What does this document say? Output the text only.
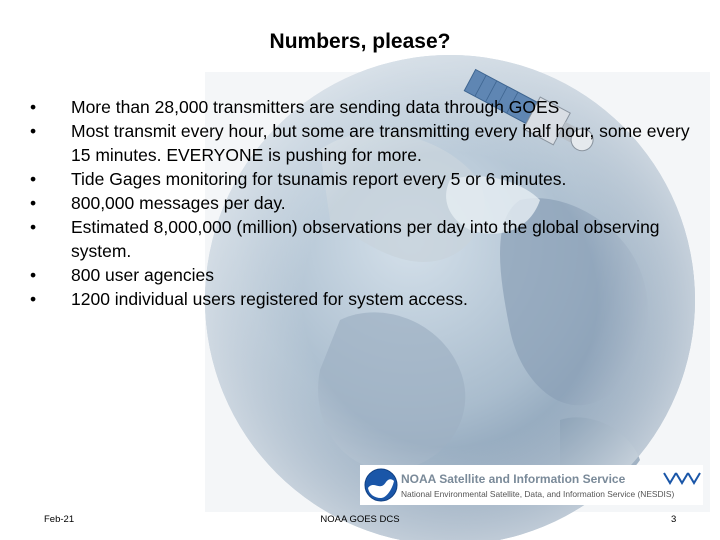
Numbers, please?
•	More than 28,000 transmitters are sending data through GOES
•	Most transmit every hour, but some are transmitting every half hour, some every 15 minutes. EVERYONE is pushing for more.
•	Tide Gages monitoring for tsunamis report every 5 or 6 minutes.
•	800,000 messages per day.
•	Estimated 8,000,000 (million) observations per day into the global observing system.
•	800 user agencies
•	1200 individual users registered for system access.
NOAA Satellite and Information Service
National Environmental Satellite, Data, and Information Service (NESDIS)
Feb-21	NOAA GOES DCS	3
